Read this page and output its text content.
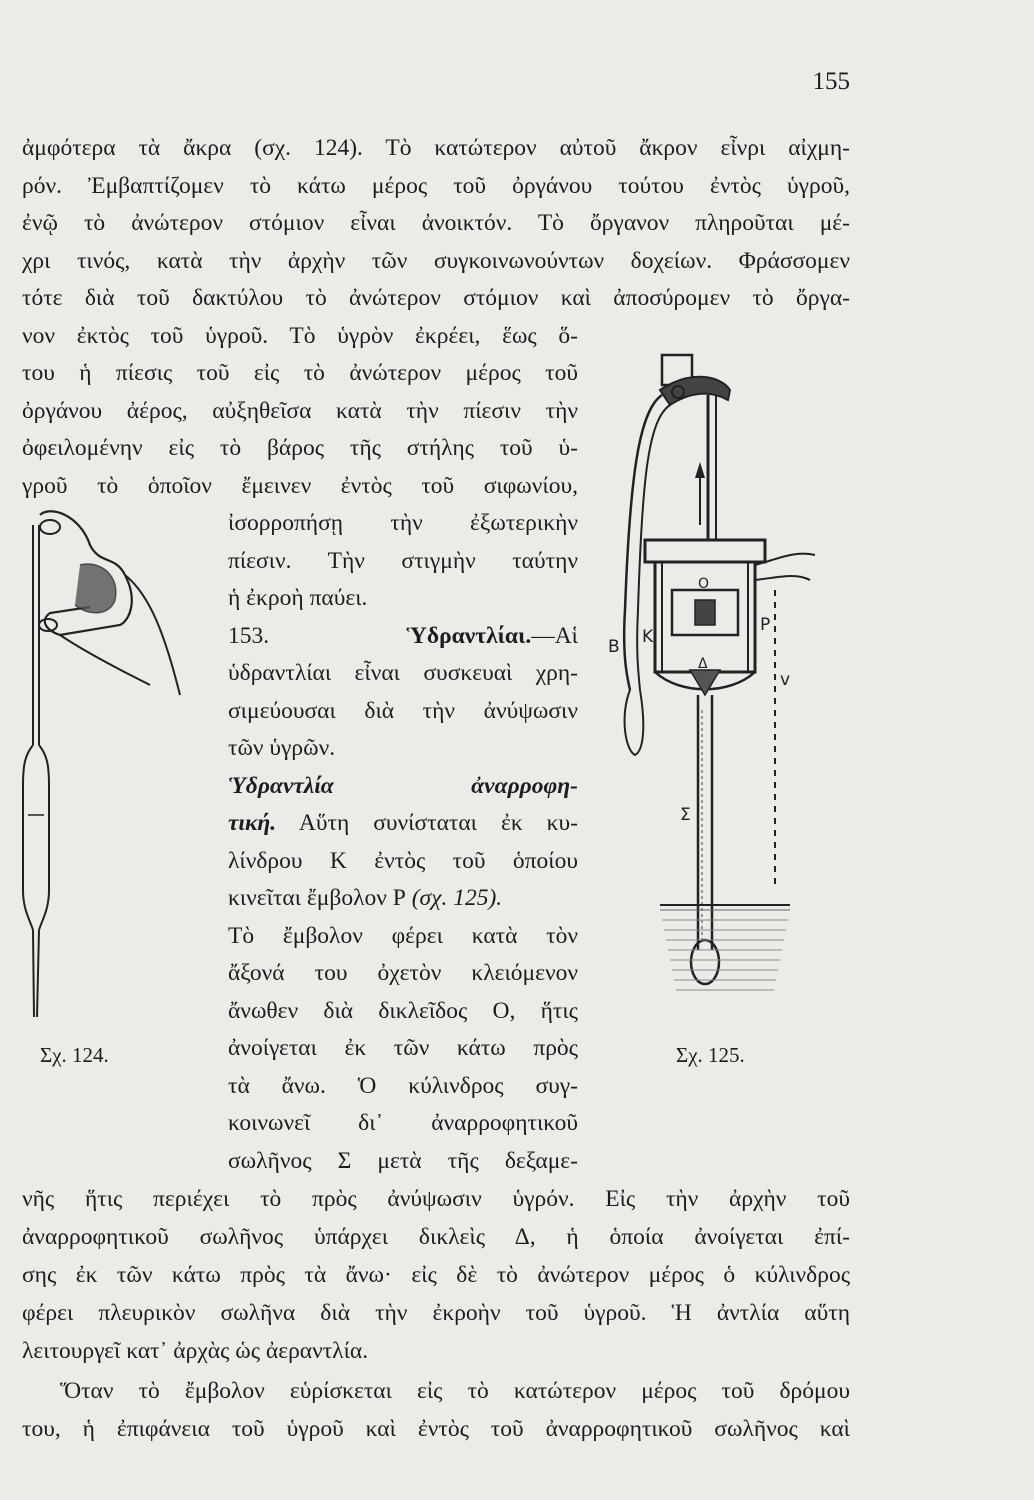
155
ἀμφότερα τὰ ἄκρα (σχ. 124). Τὸ κατώτερον αὐτοῦ ἄκρον εἶνρι αἰχμη-
ρόν. Ἐμβαπτίζομεν τὸ κάτω μέρος τοῦ ὀργάνου τούτου ἐντὸς ὑγροῦ,
ἐνῷ τὸ ἀνώτερον στόμιον εἶναι ἀνοικτόν. Τὸ ὄργανον πληροῦται μέ-
χρι τινός, κατὰ τὴν ἀρχὴν τῶν συγκοινωνούντων δοχείων. Φράσσομεν
τότε διὰ τοῦ δακτύλου τὸ ἀνώτερον στόμιον καὶ ἀποσύρομεν τὸ ὄργα-
νον ἐκτὸς τοῦ ὑγροῦ. Τὸ ὑγρὸν ἐκρέει, ἕως ὅ-
του ἡ πίεσις τοῦ εἰς τὸ ἀνώτερον μέρος τοῦ
ὀργάνου ἀέρος, αὐξηθεῖσα κατὰ τὴν πίεσιν τὴν
ὀφειλομένην εἰς τὸ βάρος τῆς στήλης τοῦ ὑ-
γροῦ τὸ ὁποῖον ἔμεινεν ἐντὸς τοῦ σιφωνίου,
ἰσορροπήσῃ τὴν ἐξωτερικὴν
πίεσιν. Τὴν στιγμὴν ταύτην
ἡ ἐκροὴ παύει.
153.	Ὑδραντλίαι.—Αἱ
ὑδραντλίαι εἶναι συσκευαὶ χρη-
σιμεύουσαι διὰ τὴν ἀνύψωσιν
τῶν ὑγρῶν.
Ὑδραντλία ἀναρροφη-
τική. Αὕτη συνίσταται ἐκ κυ-
λίνδρου Κ ἐντὸς τοῦ ὁποίου
κινεῖται ἔμβολον Ρ (σχ. 125).
Τὸ ἔμβολον φέρει κατὰ τὸν
ἄξονά του ὀχετὸν κλειόμενον
ἄνωθεν διὰ δικλεῖδος Ο, ἥτις
ἀνοίγεται ἐκ τῶν κάτω πρὸς
τὰ ἄνω. Ὁ κύλινδρος συγ-
κοινωνεῖ δι᾽ ἀναρροφητικοῦ
σωλῆνος Σ μετὰ τῆς δεξαμε-
νῆς ἥτις περιέχει τὸ πρὸς ἀνύψωσιν ὑγρόν. Εἰς τὴν ἀρχὴν τοῦ
ἀναρροφητικοῦ σωλῆνος ὑπάρχει δικλεὶς Δ, ἡ ὁποία ἀνοίγεται ἐπί-
σης ἐκ τῶν κάτω πρὸς τὰ ἄνω· εἰς δὲ τὸ ἀνώτερον μέρος ὁ κύλινδρος
φέρει πλευρικὸν σωλῆνα διὰ τὴν ἐκροὴν τοῦ ὑγροῦ. Ἡ ἀντλία αὕτη
λειτουργεῖ κατ᾽ ἀρχὰς ὡς ἀεραντλία.
Ὅταν τὸ ἔμβολον εὑρίσκεται εἰς τὸ κατώτερον μέρος τοῦ δρόμου
του, ἡ ἐπιφάνεια τοῦ ὑγροῦ καὶ ἐντὸς τοῦ ἀναρροφητικοῦ σωλῆνος καὶ
Σχ. 124.
Κ
Ρ
Β
Ο
Δ
Σ
v
Σχ. 125.
